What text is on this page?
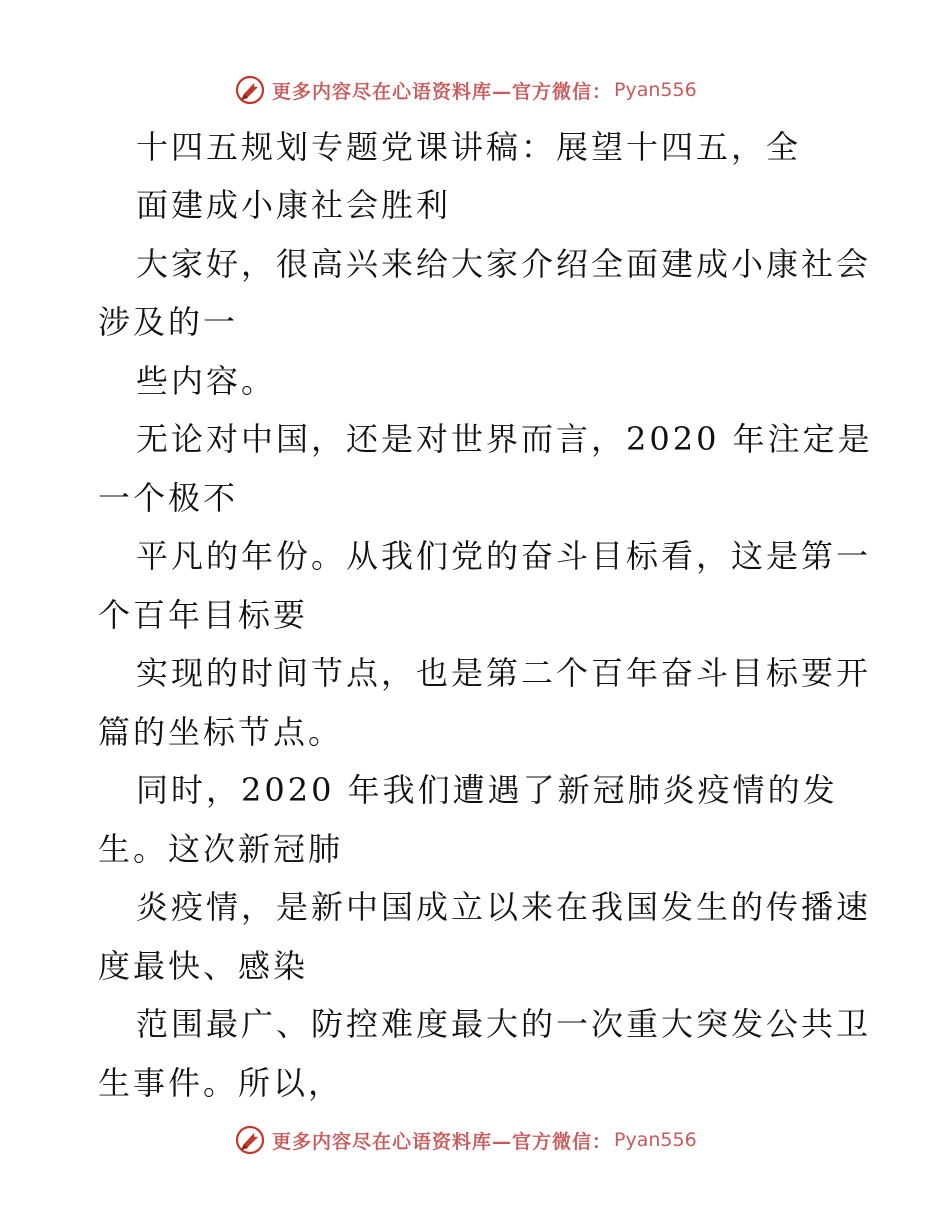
更多内容尽在心语资料库—官方微信： Pyan556
十四五规划专题党课讲稿：展望十四五，全
面建成小康社会胜利
大家好，很高兴来给大家介绍全面建成小康社会
涉及的一
些内容。
无论对中国，还是对世界而言，2020 年注定是
一个极不
平凡的年份。从我们党的奋斗目标看，这是第一
个百年目标要
实现的时间节点，也是第二个百年奋斗目标要开
篇的坐标节点。
同时，2020 年我们遭遇了新冠肺炎疫情的发
生。这次新冠肺
炎疫情，是新中国成立以来在我国发生的传播速
度最快、感染
范围最广、防控难度最大的一次重大突发公共卫
生事件。所以，
更多内容尽在心语资料库—官方微信： Pyan556
